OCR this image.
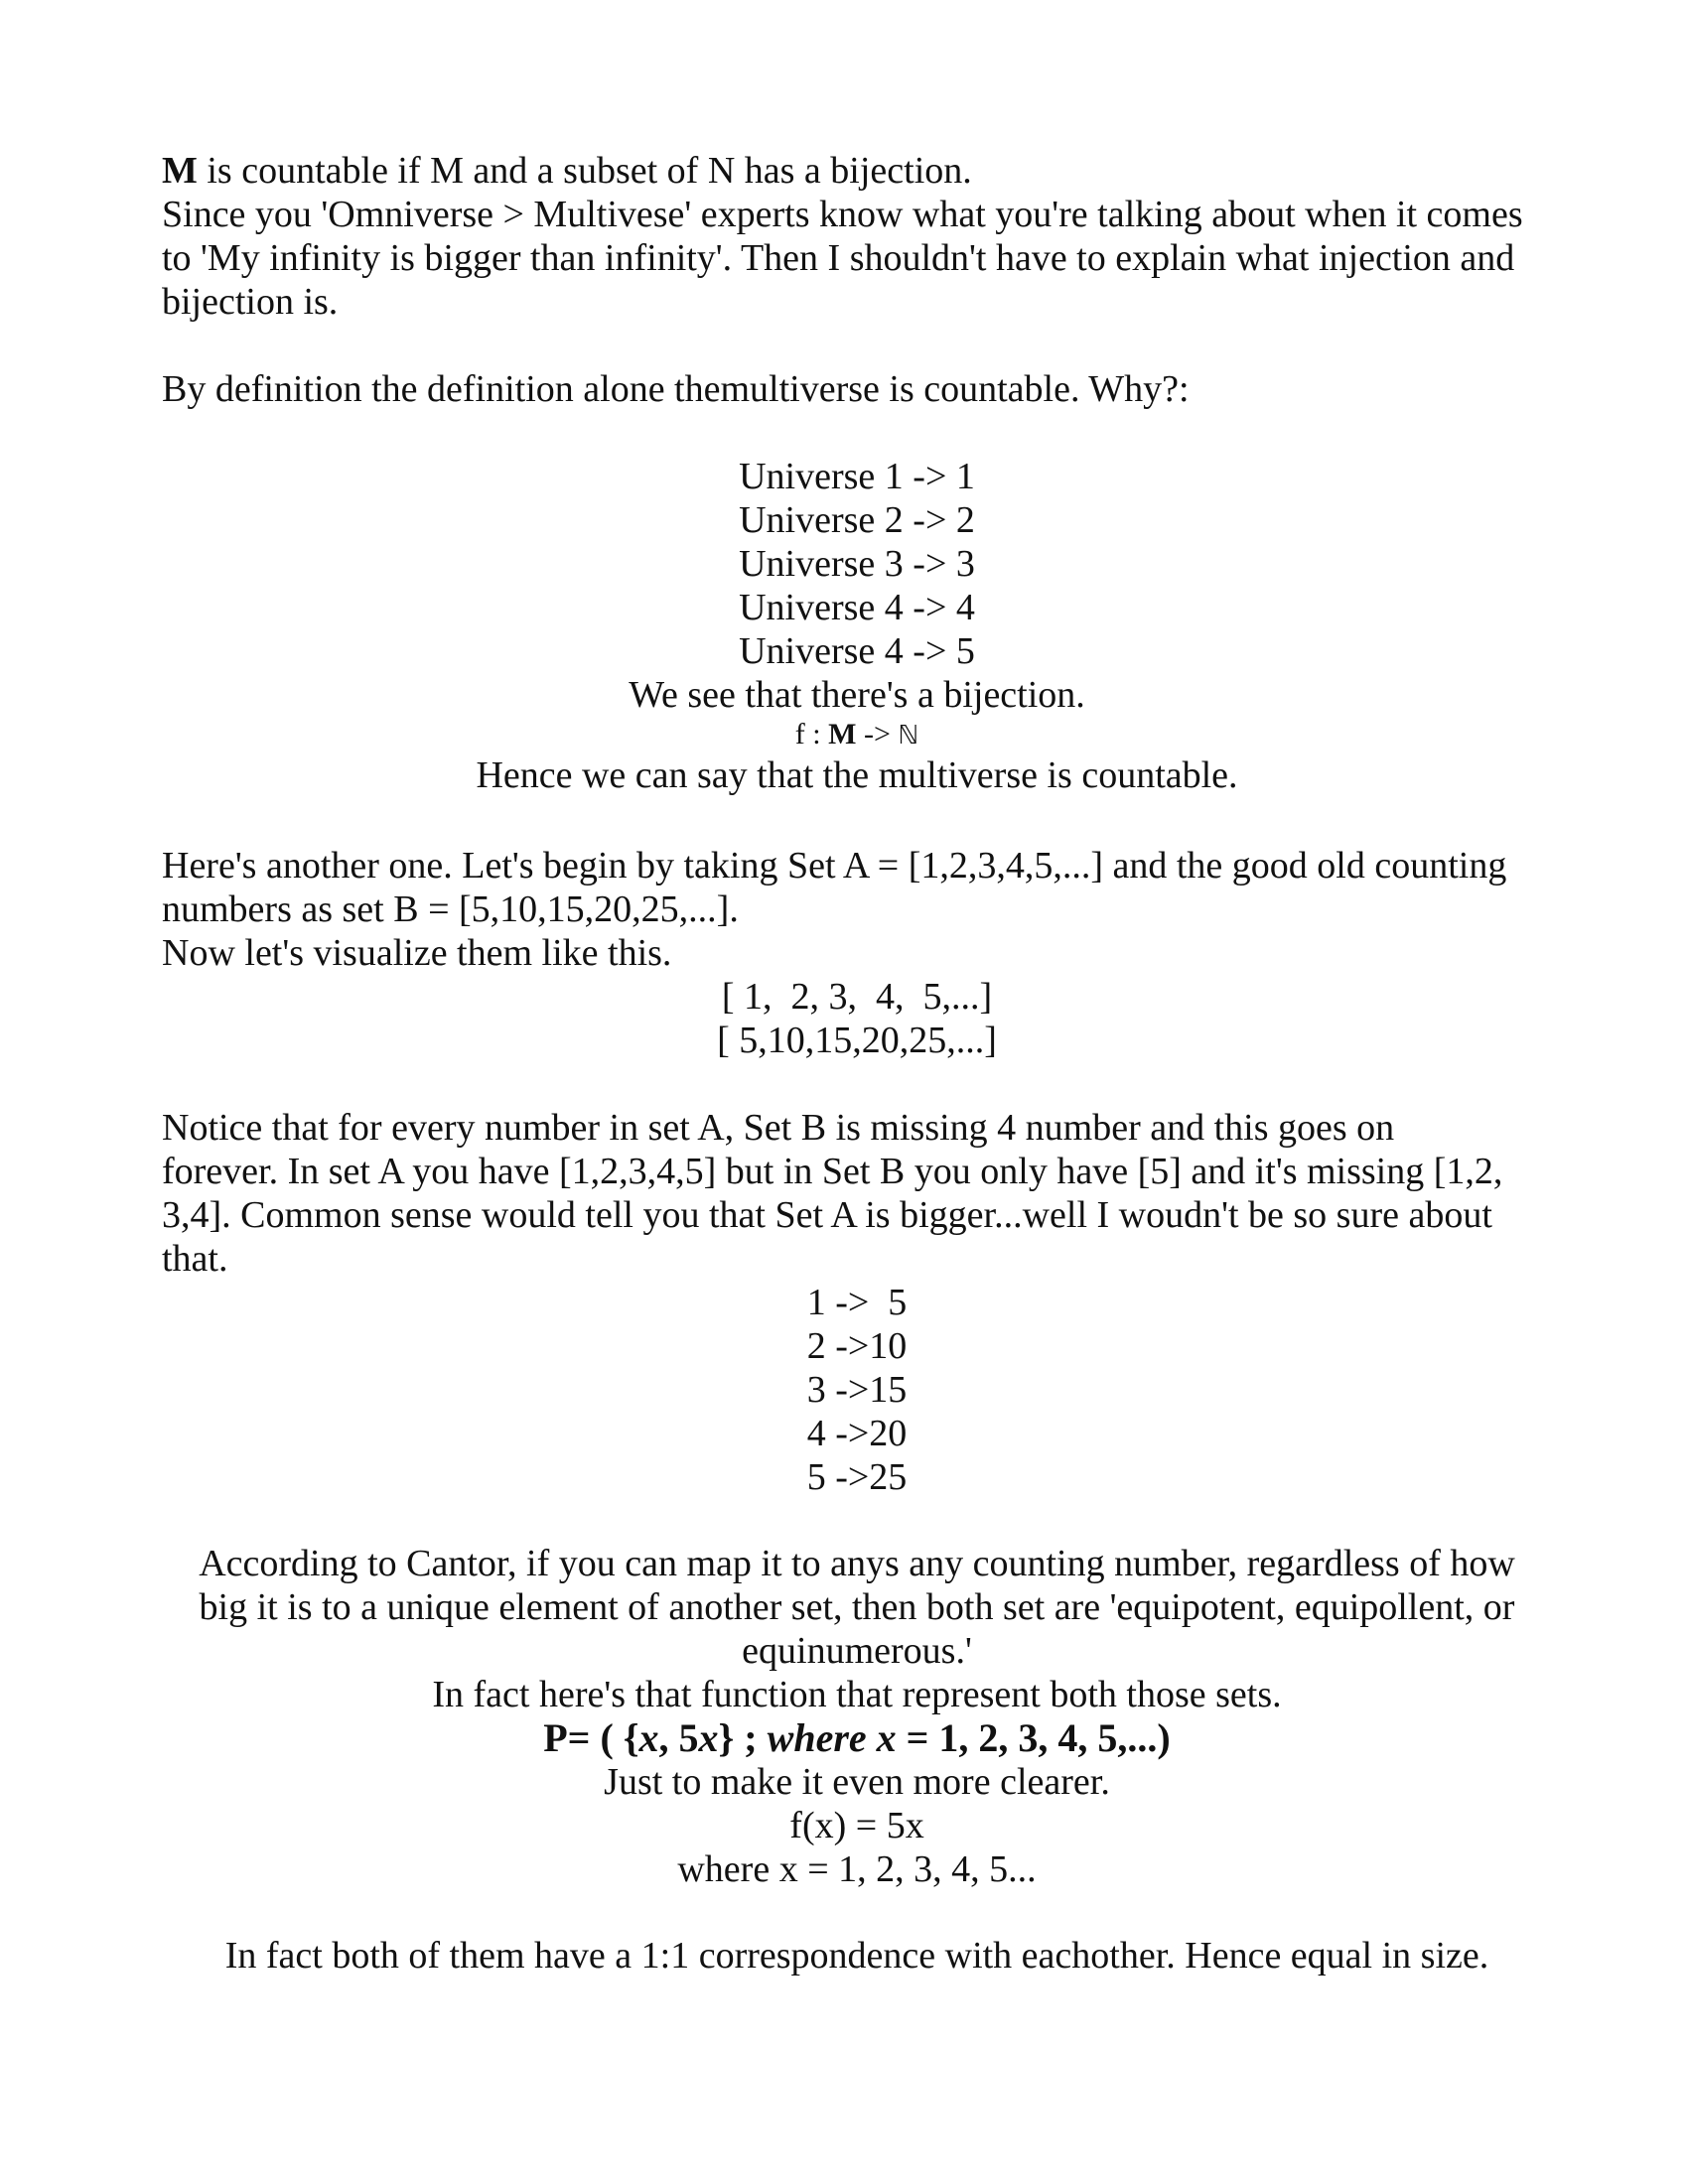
M is countable if M and a subset of N has a bijection.
Since you 'Omniverse > Multivese' experts know what you're talking about when it comes
to 'My infinity is bigger than infinity'. Then I shouldn't have to explain what injection and
bijection is.
By definition the definition alone themultiverse is countable. Why?:
Universe 1 -> 1
Universe 2 -> 2
Universe 3 -> 3
Universe 4 -> 4
Universe 4 -> 5
We see that there's a bijection.
f : M -> ℕ
Hence we can say that the multiverse is countable.
Here's another one. Let's begin by taking Set A = [1,2,3,4,5,...] and the good old counting
numbers as set B = [5,10,15,20,25,...].
Now let's visualize them like this.
[ 1,  2, 3,  4,  5,...]
[ 5,10,15,20,25,...]
Notice that for every number in set A, Set B is missing 4 number and this goes on
forever. In set A you have [1,2,3,4,5] but in Set B you only have [5] and it's missing [1,2,
3,4]. Common sense would tell you that Set A is bigger...well I woudn't be so sure about
that.
1 ->  5
2 ->10
3 ->15
4 ->20
5 ->25
According to Cantor, if you can map it to anys any counting number, regardless of how
big it is to a unique element of another set, then both set are 'equipotent, equipollent, or
equinumerous.'
In fact here's that function that represent both those sets.
P= ( {x, 5x} ; where x = 1, 2, 3, 4, 5,...)
Just to make it even more clearer.
f(x) = 5x
where x = 1, 2, 3, 4, 5...
In fact both of them have a 1:1 correspondence with eachother. Hence equal in size.
